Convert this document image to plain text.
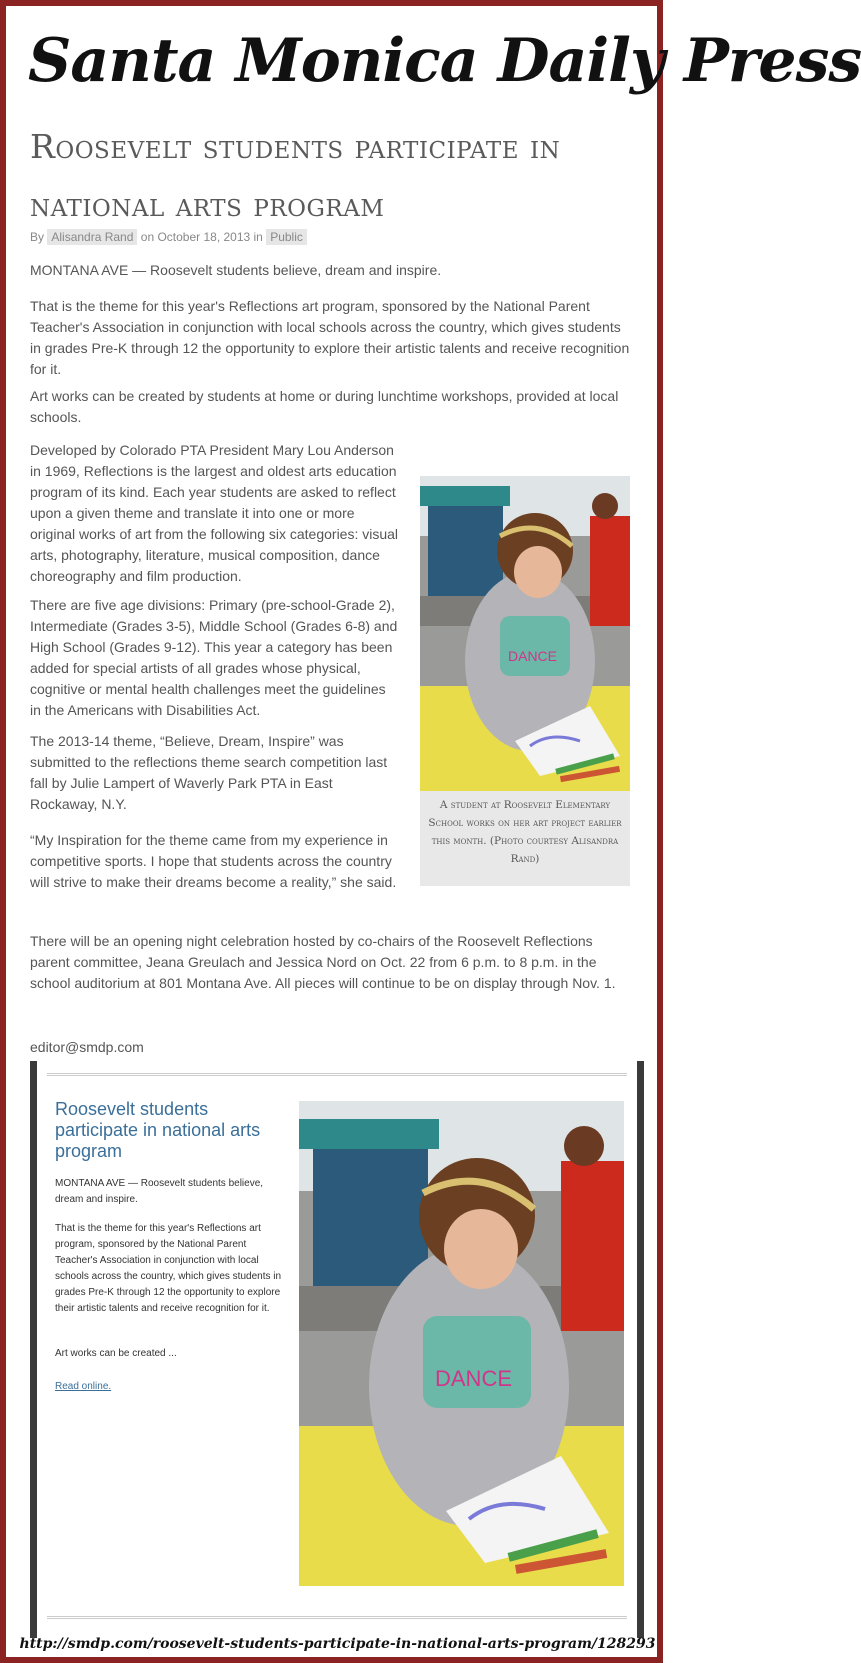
Santa Monica Daily Press
Roosevelt students participate in national arts program
By Alisandra Rand on October 18, 2013 in Public

MONTANA AVE — Roosevelt students believe, dream and inspire.

That is the theme for this year's Reflections art program, sponsored by the National Parent Teacher's Association in conjunction with local schools across the country, which gives students in grades Pre-K through 12 the opportunity to explore their artistic talents and receive recognition for it.

Art works can be created by students at home or during lunchtime workshops, provided at local schools.

Developed by Colorado PTA President Mary Lou Anderson in 1969, Reflections is the largest and oldest arts education program of its kind. Each year students are asked to reflect upon a given theme and translate it into one or more original works of art from the following six categories: visual arts, photography, literature, musical composition, dance choreography and film production.

There are five age divisions: Primary (pre-school-Grade 2), Intermediate (Grades 3-5), Middle School (Grades 6-8) and High School (Grades 9-12). This year a category has been added for special artists of all grades whose physical, cognitive or mental health challenges meet the guidelines in the Americans with Disabilities Act.

The 2013-14 theme, “Believe, Dream, Inspire” was submitted to the reflections theme search competition last fall by Julie Lampert of Waverly Park PTA in East Rockaway, N.Y.

“My Inspiration for the theme came from my experience in competitive sports. I hope that students across the country will strive to make their dreams become a reality,” she said.

There will be an opening night celebration hosted by co-chairs of the Roosevelt Reflections parent committee, Jeana Greulach and Jessica Nord on Oct. 22 from 6 p.m. to 8 p.m. in the school auditorium at 801 Montana Ave. All pieces will continue to be on display through Nov. 1.

DANCE
A student at Roosevelt Elementary School works on her art project earlier this month. (Photo courtesy Alisandra Rand)
editor@smdp.com
Roosevelt students participate in national arts program
MONTANA AVE — Roosevelt students believe, dream and inspire.
That is the theme for this year's Reflections art program, sponsored by the National Parent Teacher's Association in conjunction with local schools across the country, which gives students in grades Pre-K through 12 the opportunity to explore their artistic talents and receive recognition for it.
Art works can be created ...
Read online.	DANCE
http://smdp.com/roosevelt-students-participate-in-national-arts-program/128293
